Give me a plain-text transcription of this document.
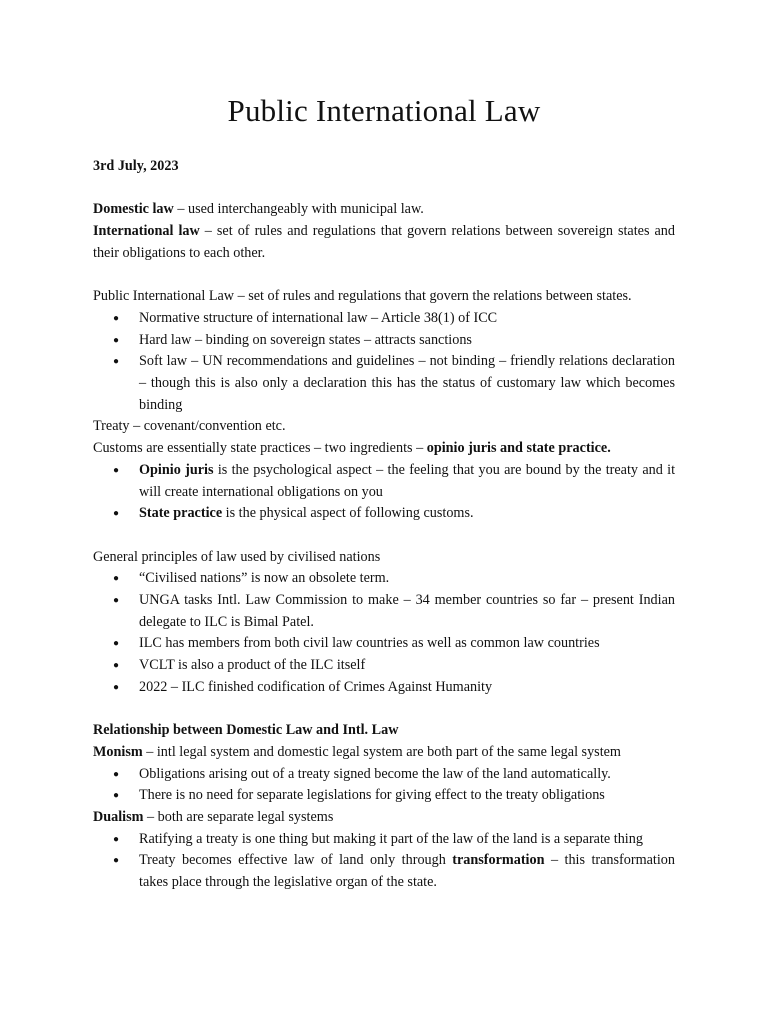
Public International Law

3rd July, 2023

Domestic law – used interchangeably with municipal law.

International law – set of rules and regulations that govern relations between sovereign states and their obligations to each other.

Public International Law – set of rules and regulations that govern the relations between states.

● Normative structure of international law – Article 38(1) of ICC
● Hard law – binding on sovereign states – attracts sanctions
● Soft law – UN recommendations and guidelines – not binding – friendly relations declaration – though this is also only a declaration this has the status of customary law which becomes binding

Treaty – covenant/convention etc.

Customs are essentially state practices – two ingredients – opinio juris and state practice.

● Opinio juris is the psychological aspect – the feeling that you are bound by the treaty and it will create international obligations on you
● State practice is the physical aspect of following customs.

General principles of law used by civilised nations

● “Civilised nations” is now an obsolete term.
● UNGA tasks Intl. Law Commission to make – 34 member countries so far – present Indian delegate to ILC is Bimal Patel.
● ILC has members from both civil law countries as well as common law countries
● VCLT is also a product of the ILC itself
● 2022 – ILC finished codification of Crimes Against Humanity

Relationship between Domestic Law and Intl. Law

Monism – intl legal system and domestic legal system are both part of the same legal system

● Obligations arising out of a treaty signed become the law of the land automatically.
● There is no need for separate legislations for giving effect to the treaty obligations

Dualism – both are separate legal systems

● Ratifying a treaty is one thing but making it part of the law of the land is a separate thing
● Treaty becomes effective law of land only through transformation – this transformation takes place through the legislative organ of the state.
